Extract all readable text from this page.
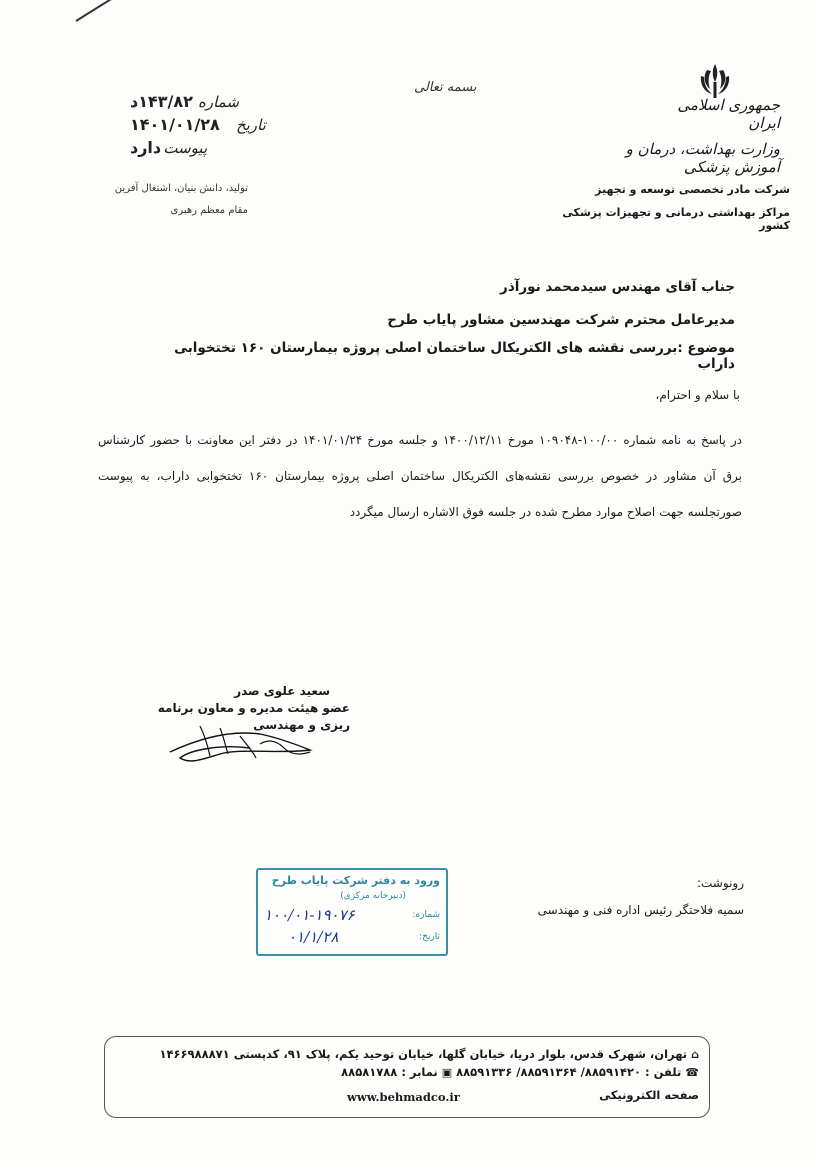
شماره
۱۴۳/۸۲د
تاریخ
۱۴۰۱/۰۱/۲۸
پیوست
دارد
تولید، دانش بنیان، اشتغال آفرین
مقام معظم رهبری
بسمه تعالی
جمهوری اسلامی ایران
وزارت بهداشت، درمان و آموزش پزشکی
شرکت مادر تخصصی توسعه و تجهیز
مراکز بهداشتی درمانی و تجهیزات پزشکی کشور
جناب آقای مهندس سیدمحمد نورآذر
مدیرعامل محترم شرکت مهندسین مشاور پایاب طرح
موضوع :بررسی نقشه های الکتریکال ساختمان اصلی پروژه بیمارستان ۱۶۰ تختخوابی داراب
با سلام و احترام،
در پاسخ به نامه شماره ۱۰۰/۰۰-۱۰۹۰۴۸ مورخ ۱۴۰۰/۱۲/۱۱ و جلسه مورخ ۱۴۰۱/۰۱/۲۴ در دفتر این معاونت با حضور کارشناس برق آن مشاور در خصوص بررسی نقشه‌های الکتریکال ساختمان اصلی پروژه بیمارستان ۱۶۰ تختخوابی داراب، به پیوست صورتجلسه جهت اصلاح موارد مطرح شده در جلسه فوق الاشاره ارسال میگردد
سعید علوی صدر
عضو هیئت مدیره و معاون برنامه ریزی و مهندسی
رونوشت:
سمیه فلاحتگر رئیس اداره فنی و مهندسی
ورود به دفتر شرکت پایاب طرح
(دبیرخانه مرکزی)
شماره:
تاریخ:
۱۰۰/۰۱-۱۹۰۷۶
۰۱/۱/۲۸
⌂
تهران، شهرک قدس، بلوار دریا، خیابان گلها، خیابان توحید یکم، پلاک ۹۱، کدپستی ۱۴۶۶۹۸۸۸۷۱
☎
تلفن :
۸۸۵۹۱۴۲۰/ ۸۸۵۹۱۳۶۴/ ۸۸۵۹۱۳۳۶
▣
نمابر :
۸۸۵۸۱۷۸۸
صفحه الکترونیکی
www.behmadco.ir
